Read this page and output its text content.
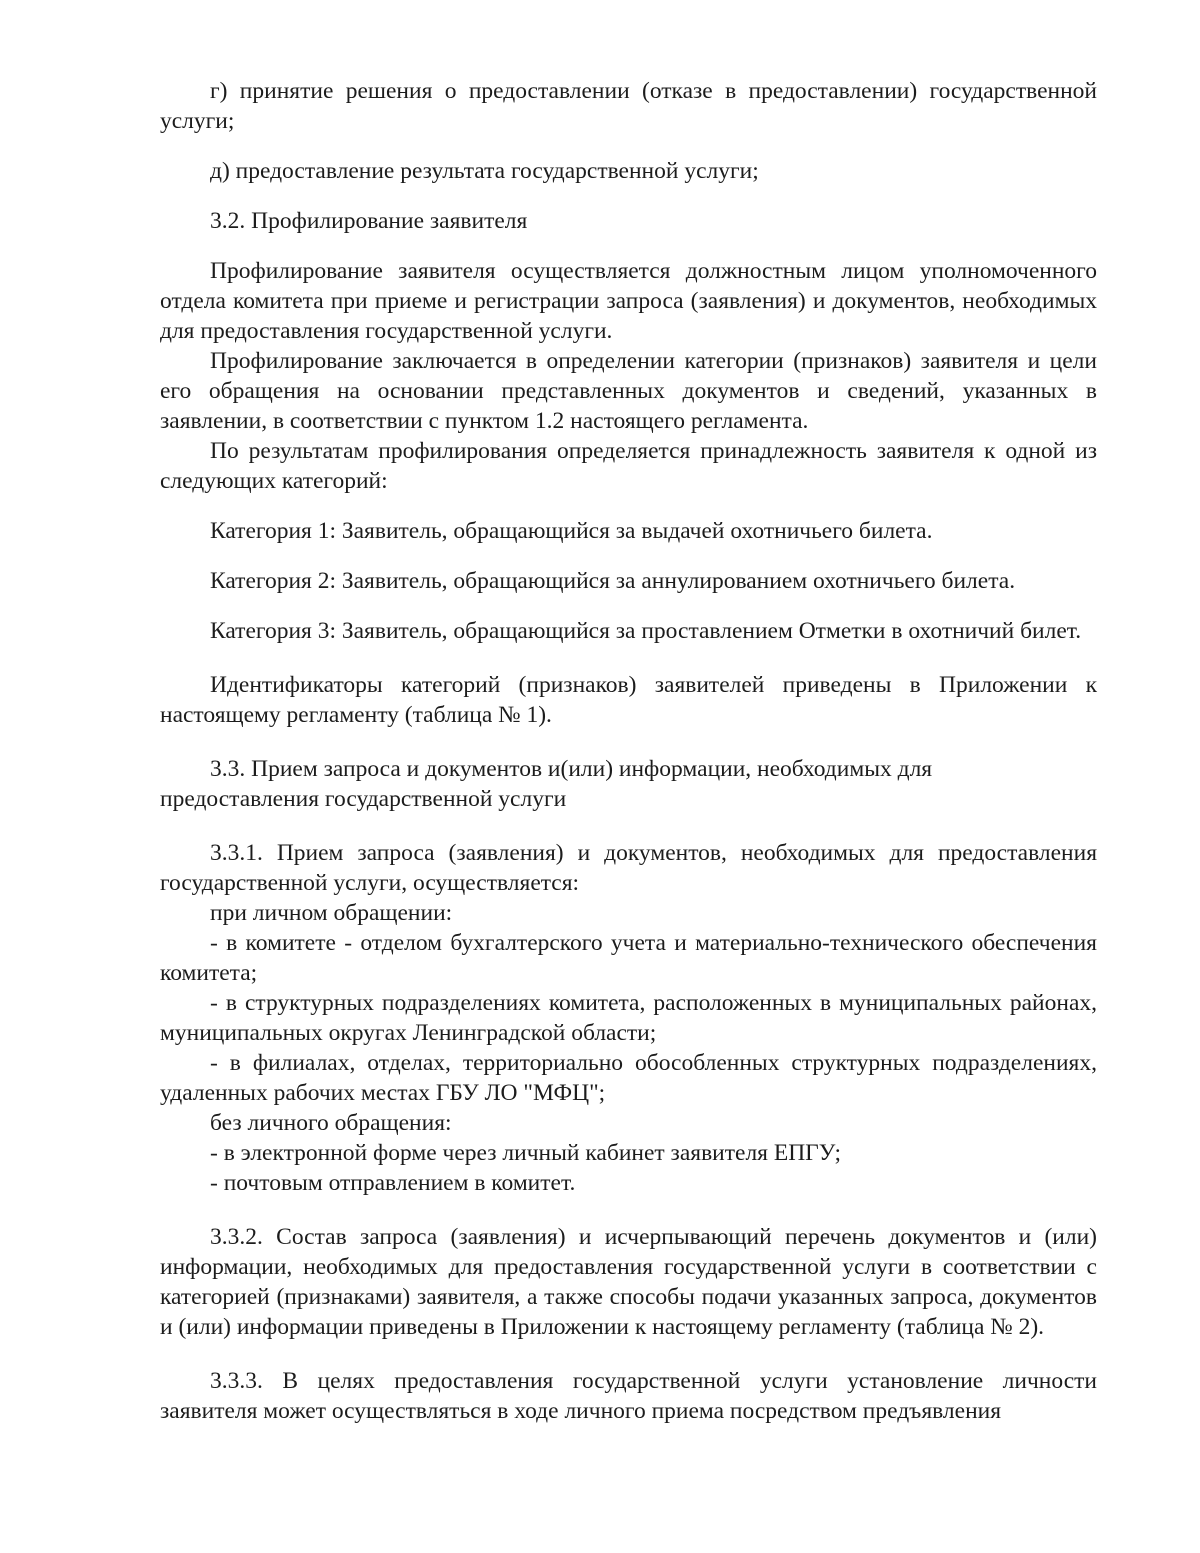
г) принятие решения о предоставлении (отказе в предоставлении) государственной услуги;

д) предоставление результата государственной услуги;

3.2. Профилирование заявителя

Профилирование заявителя осуществляется должностным лицом уполномоченного отдела комитета при приеме и регистрации запроса (заявления) и документов, необходимых для предоставления государственной услуги.

Профилирование заключается в определении категории (признаков) заявителя и цели его обращения на основании представленных документов и сведений, указанных в заявлении, в соответствии с пунктом 1.2 настоящего регламента.

По результатам профилирования определяется принадлежность заявителя к одной из следующих категорий:

Категория 1: Заявитель, обращающийся за выдачей охотничьего билета.

Категория 2: Заявитель, обращающийся за аннулированием охотничьего билета.

Категория 3: Заявитель, обращающийся за проставлением Отметки в охотничий билет.

Идентификаторы категорий (признаков) заявителей приведены в Приложении к настоящему регламенту (таблица № 1).

3.3. Прием запроса и документов и(или) информации, необходимых для

предоставления государственной услуги

3.3.1. Прием запроса (заявления) и документов, необходимых для предоставления государственной услуги, осуществляется:

при личном обращении:

- в комитете - отделом бухгалтерского учета и материально-технического обеспечения комитета;

- в структурных подразделениях комитета, расположенных в муниципальных районах, муниципальных округах Ленинградской области;

- в филиалах, отделах, территориально обособленных структурных подразделениях, удаленных рабочих местах ГБУ ЛО "МФЦ";

без личного обращения:

- в электронной форме через личный кабинет заявителя ЕПГУ;

- почтовым отправлением в комитет.

3.3.2. Состав запроса (заявления) и исчерпывающий перечень документов и (или) информации, необходимых для предоставления государственной услуги в соответствии с категорией (признаками) заявителя, а также способы подачи указанных запроса, документов и (или) информации приведены в Приложении к настоящему регламенту (таблица № 2).

3.3.3. В целях предоставления государственной услуги установление личности заявителя может осуществляться в ходе личного приема посредством предъявления
